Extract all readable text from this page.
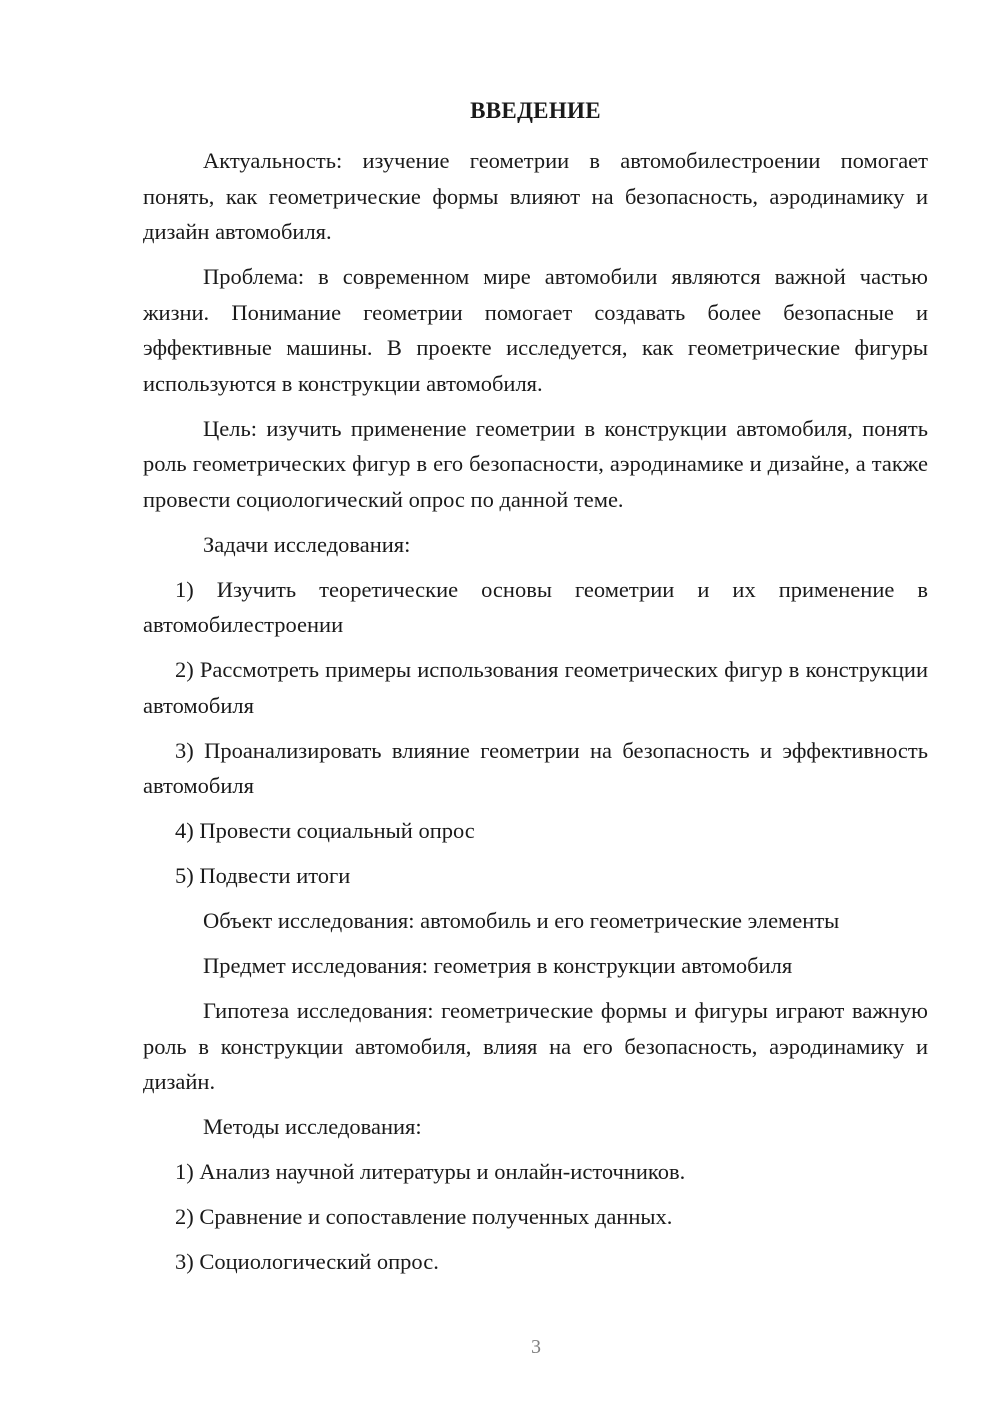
ВВЕДЕНИЕ

Актуальность: изучение геометрии в автомобилестроении помогает понять, как геометрические формы влияют на безопасность, аэродинамику и дизайн автомобиля.

Проблема: в современном мире автомобили являются важной частью жизни. Понимание геометрии помогает создавать более безопасные и эффективные машины. В проекте исследуется, как геометрические фигуры используются в конструкции автомобиля.

Цель: изучить применение геометрии в конструкции автомобиля, понять роль геометрических фигур в его безопасности, аэродинамике и дизайне, а также провести социологический опрос по данной теме.

Задачи исследования:

1) Изучить теоретические основы геометрии и их применение в автомобилестроении

2) Рассмотреть примеры использования геометрических фигур в конструкции автомобиля

3) Проанализировать влияние геометрии на безопасность и эффективность автомобиля

4) Провести социальный опрос

5) Подвести итоги

Объект исследования: автомобиль и его геометрические элементы

Предмет исследования: геометрия в конструкции автомобиля

Гипотеза исследования: геометрические формы и фигуры играют важную роль в конструкции автомобиля, влияя на его безопасность, аэродинамику и дизайн.

Методы исследования:

1) Анализ научной литературы и онлайн-источников.

2) Сравнение и сопоставление полученных данных.

3) Социологический опрос.

3
